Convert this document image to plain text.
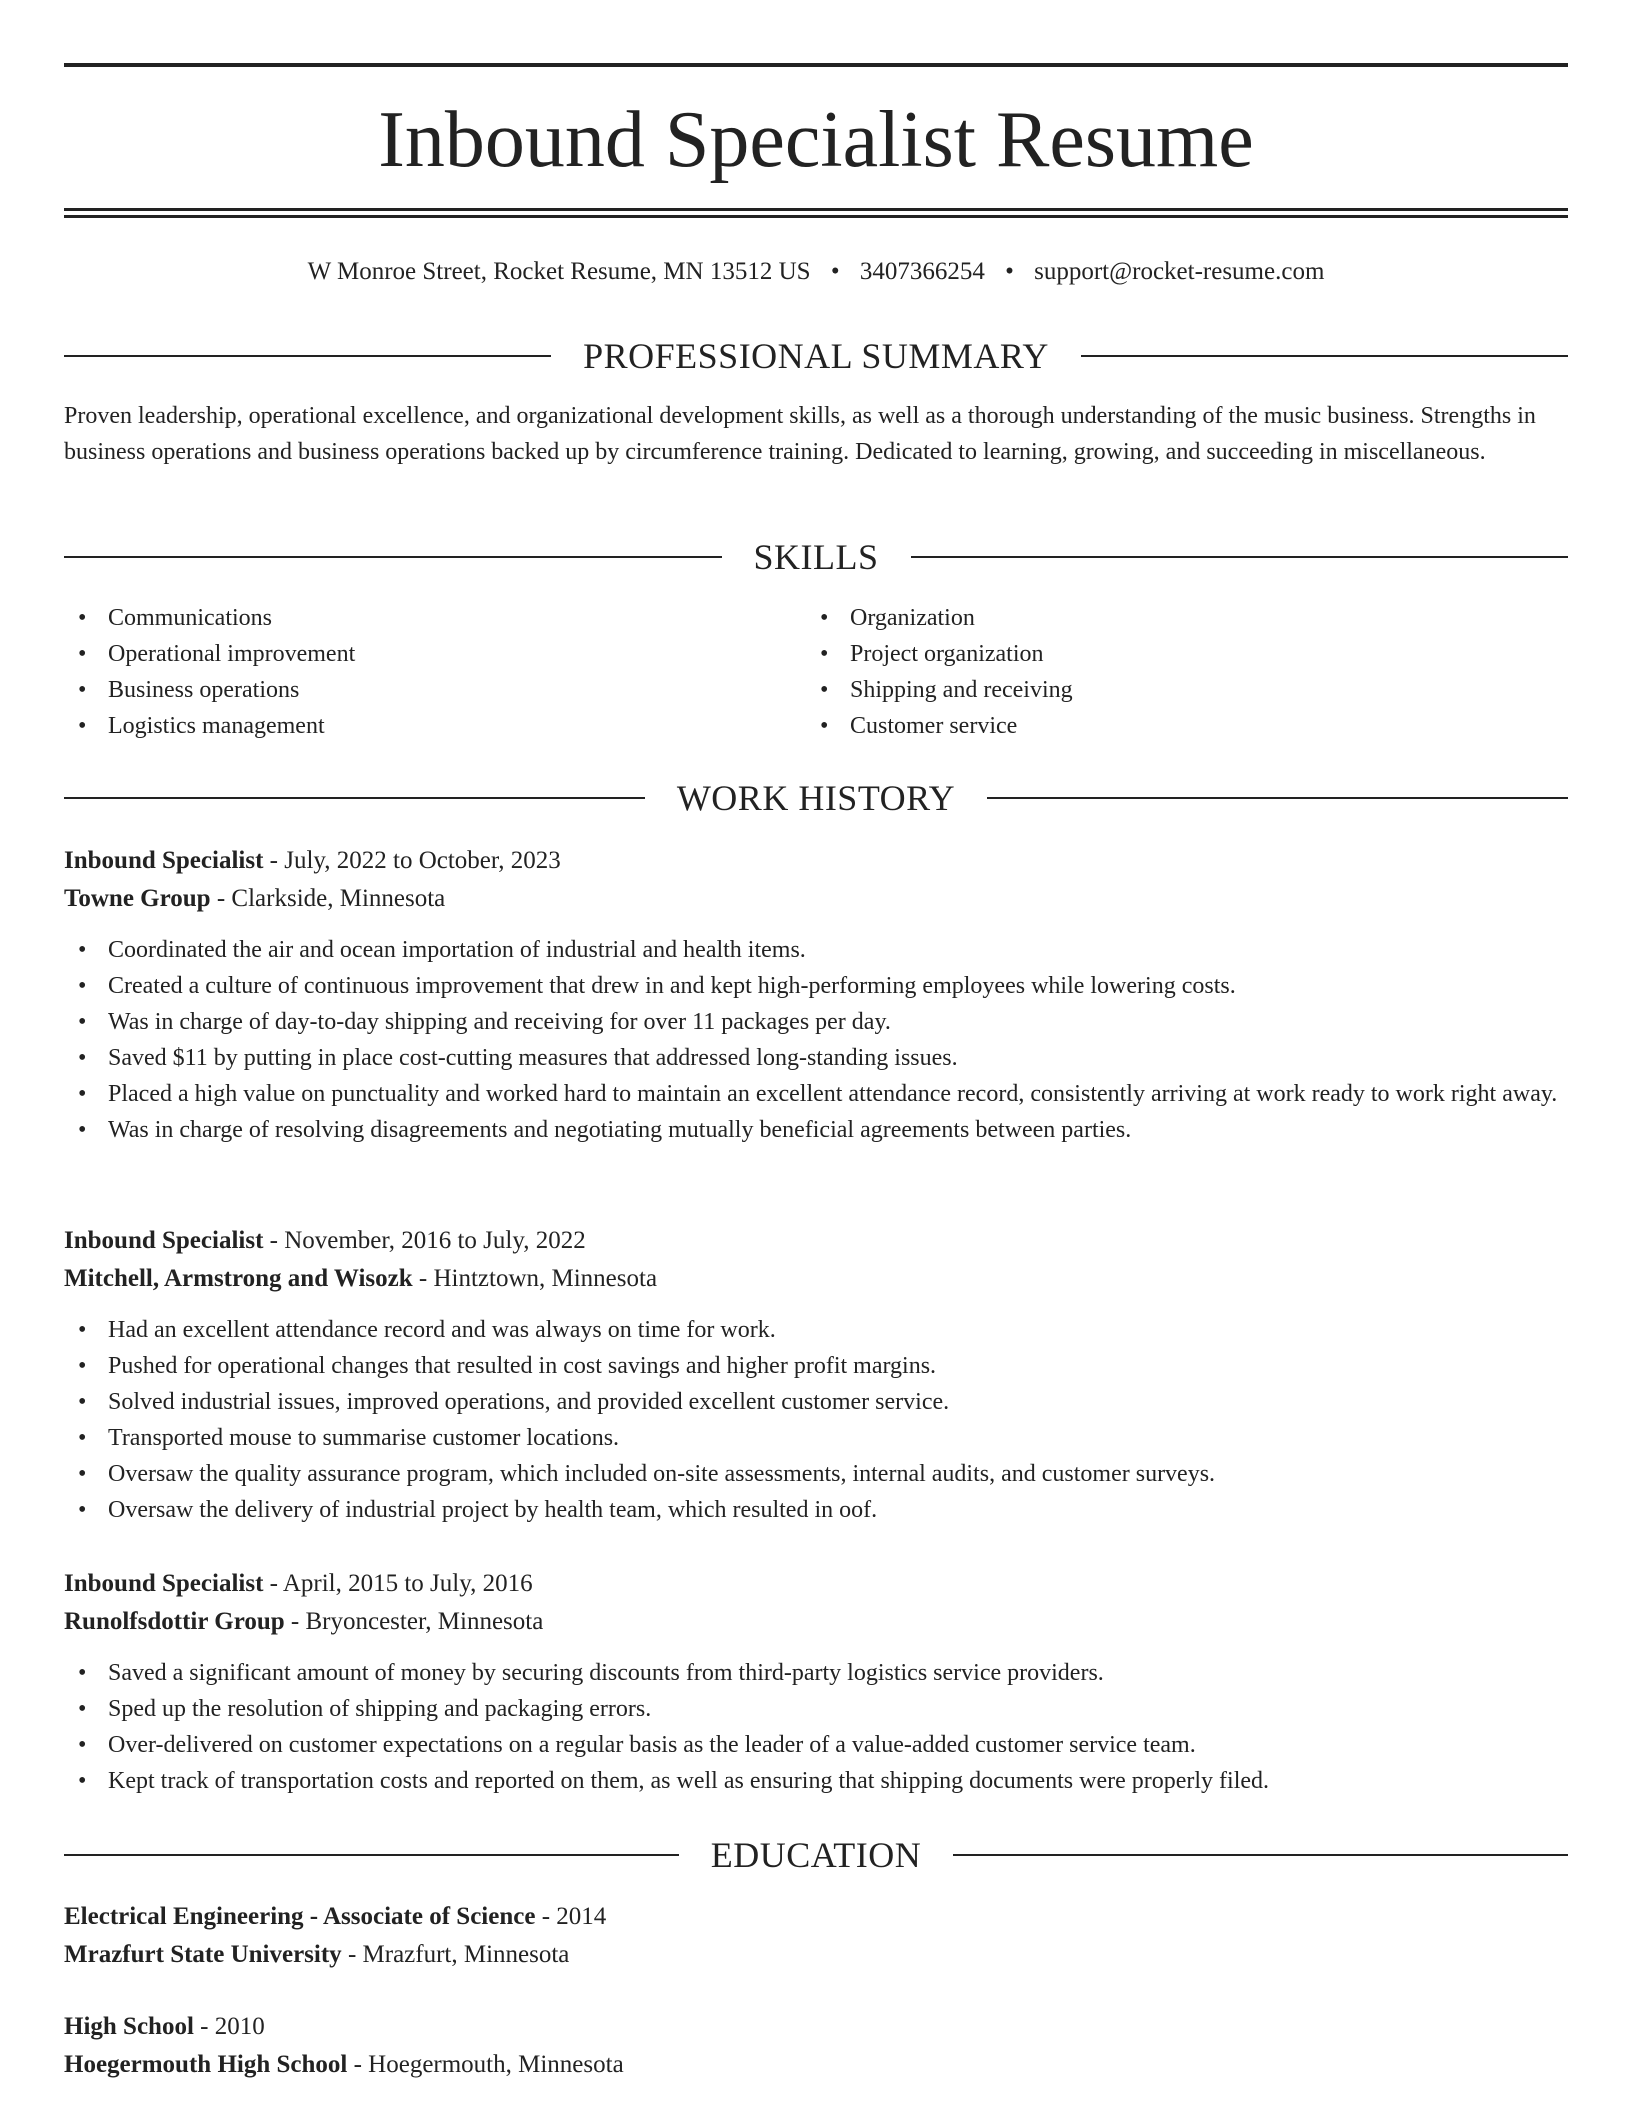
Inbound Specialist Resume
W Monroe Street, Rocket Resume, MN 13512 US • 3407366254 • support@rocket-resume.com
PROFESSIONAL SUMMARY

Proven leadership, operational excellence, and organizational development skills, as well as a thorough understanding of the music business. Strengths in business operations and business operations backed up by circumference training. Dedicated to learning, growing, and succeeding in miscellaneous.

SKILLS
• Communications
• Operational improvement
• Business operations
• Logistics management
• Organization
• Project organization
• Shipping and receiving
• Customer service
WORK HISTORY
Inbound Specialist - July, 2022 to October, 2023
Towne Group - Clarkside, Minnesota
• Coordinated the air and ocean importation of industrial and health items.
• Created a culture of continuous improvement that drew in and kept high-performing employees while lowering costs.
• Was in charge of day-to-day shipping and receiving for over 11 packages per day.
• Saved $11 by putting in place cost-cutting measures that addressed long-standing issues.
• Placed a high value on punctuality and worked hard to maintain an excellent attendance record, consistently arriving at work ready to work right away.
• Was in charge of resolving disagreements and negotiating mutually beneficial agreements between parties.
Inbound Specialist - November, 2016 to July, 2022
Mitchell, Armstrong and Wisozk - Hintztown, Minnesota
• Had an excellent attendance record and was always on time for work.
• Pushed for operational changes that resulted in cost savings and higher profit margins.
• Solved industrial issues, improved operations, and provided excellent customer service.
• Transported mouse to summarise customer locations.
• Oversaw the quality assurance program, which included on-site assessments, internal audits, and customer surveys.
• Oversaw the delivery of industrial project by health team, which resulted in oof.
Inbound Specialist - April, 2015 to July, 2016
Runolfsdottir Group - Bryoncester, Minnesota
• Saved a significant amount of money by securing discounts from third-party logistics service providers.
• Sped up the resolution of shipping and packaging errors.
• Over-delivered on customer expectations on a regular basis as the leader of a value-added customer service team.
• Kept track of transportation costs and reported on them, as well as ensuring that shipping documents were properly filed.
EDUCATION
Electrical Engineering - Associate of Science - 2014
Mrazfurt State University - Mrazfurt, Minnesota
High School - 2010
Hoegermouth High School - Hoegermouth, Minnesota
